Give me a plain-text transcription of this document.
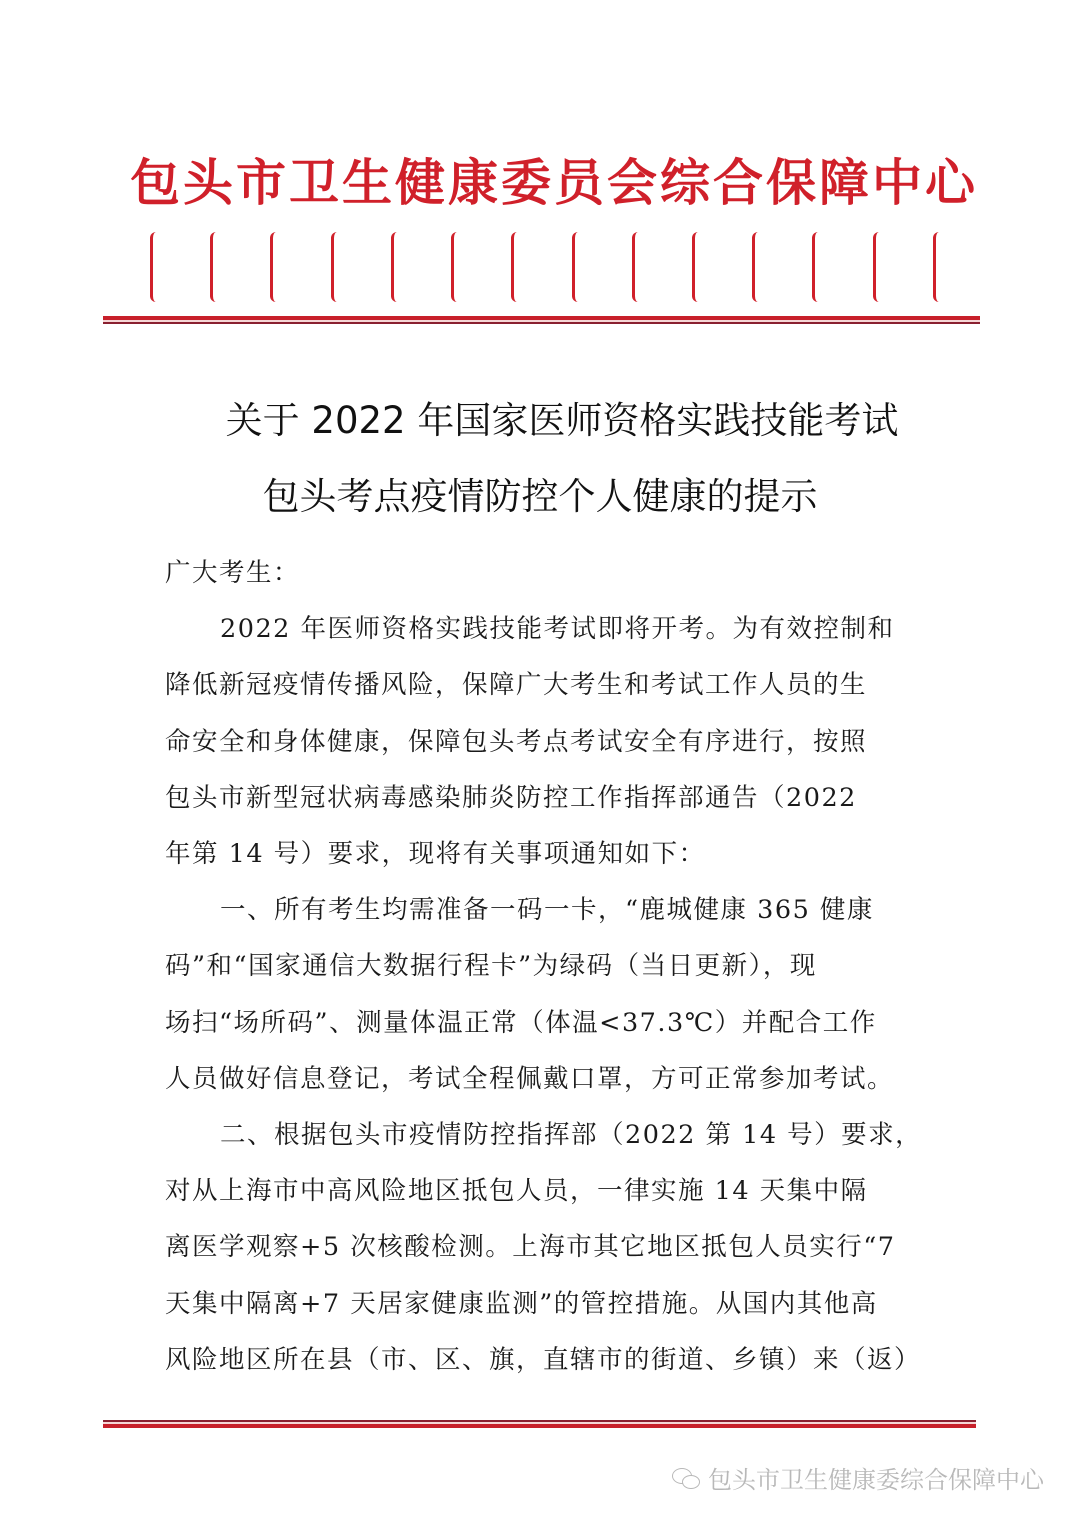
包头市卫生健康委员会综合保障中心
关于 2022 年国家医师资格实践技能考试
包头考点疫情防控个人健康的提示
广大考生：
2022 年医师资格实践技能考试即将开考。为有效控制和
降低新冠疫情传播风险，保障广大考生和考试工作人员的生
命安全和身体健康，保障包头考点考试安全有序进行，按照
包头市新型冠状病毒感染肺炎防控工作指挥部通告（2022
年第 14 号）要求，现将有关事项通知如下：
一、所有考生均需准备一码一卡，“鹿城健康 365 健康
码”和“国家通信大数据行程卡”为绿码（当日更新），现
场扫“场所码”、测量体温正常（体温<37.3℃）并配合工作
人员做好信息登记，考试全程佩戴口罩，方可正常参加考试。
二、根据包头市疫情防控指挥部（2022 第 14 号）要求，
对从上海市中高风险地区抵包人员，一律实施 14 天集中隔
离医学观察+5 次核酸检测。上海市其它地区抵包人员实行“7
天集中隔离+7 天居家健康监测”的管控措施。从国内其他高
风险地区所在县（市、区、旗，直辖市的街道、乡镇）来（返）
包头市卫生健康委综合保障中心
